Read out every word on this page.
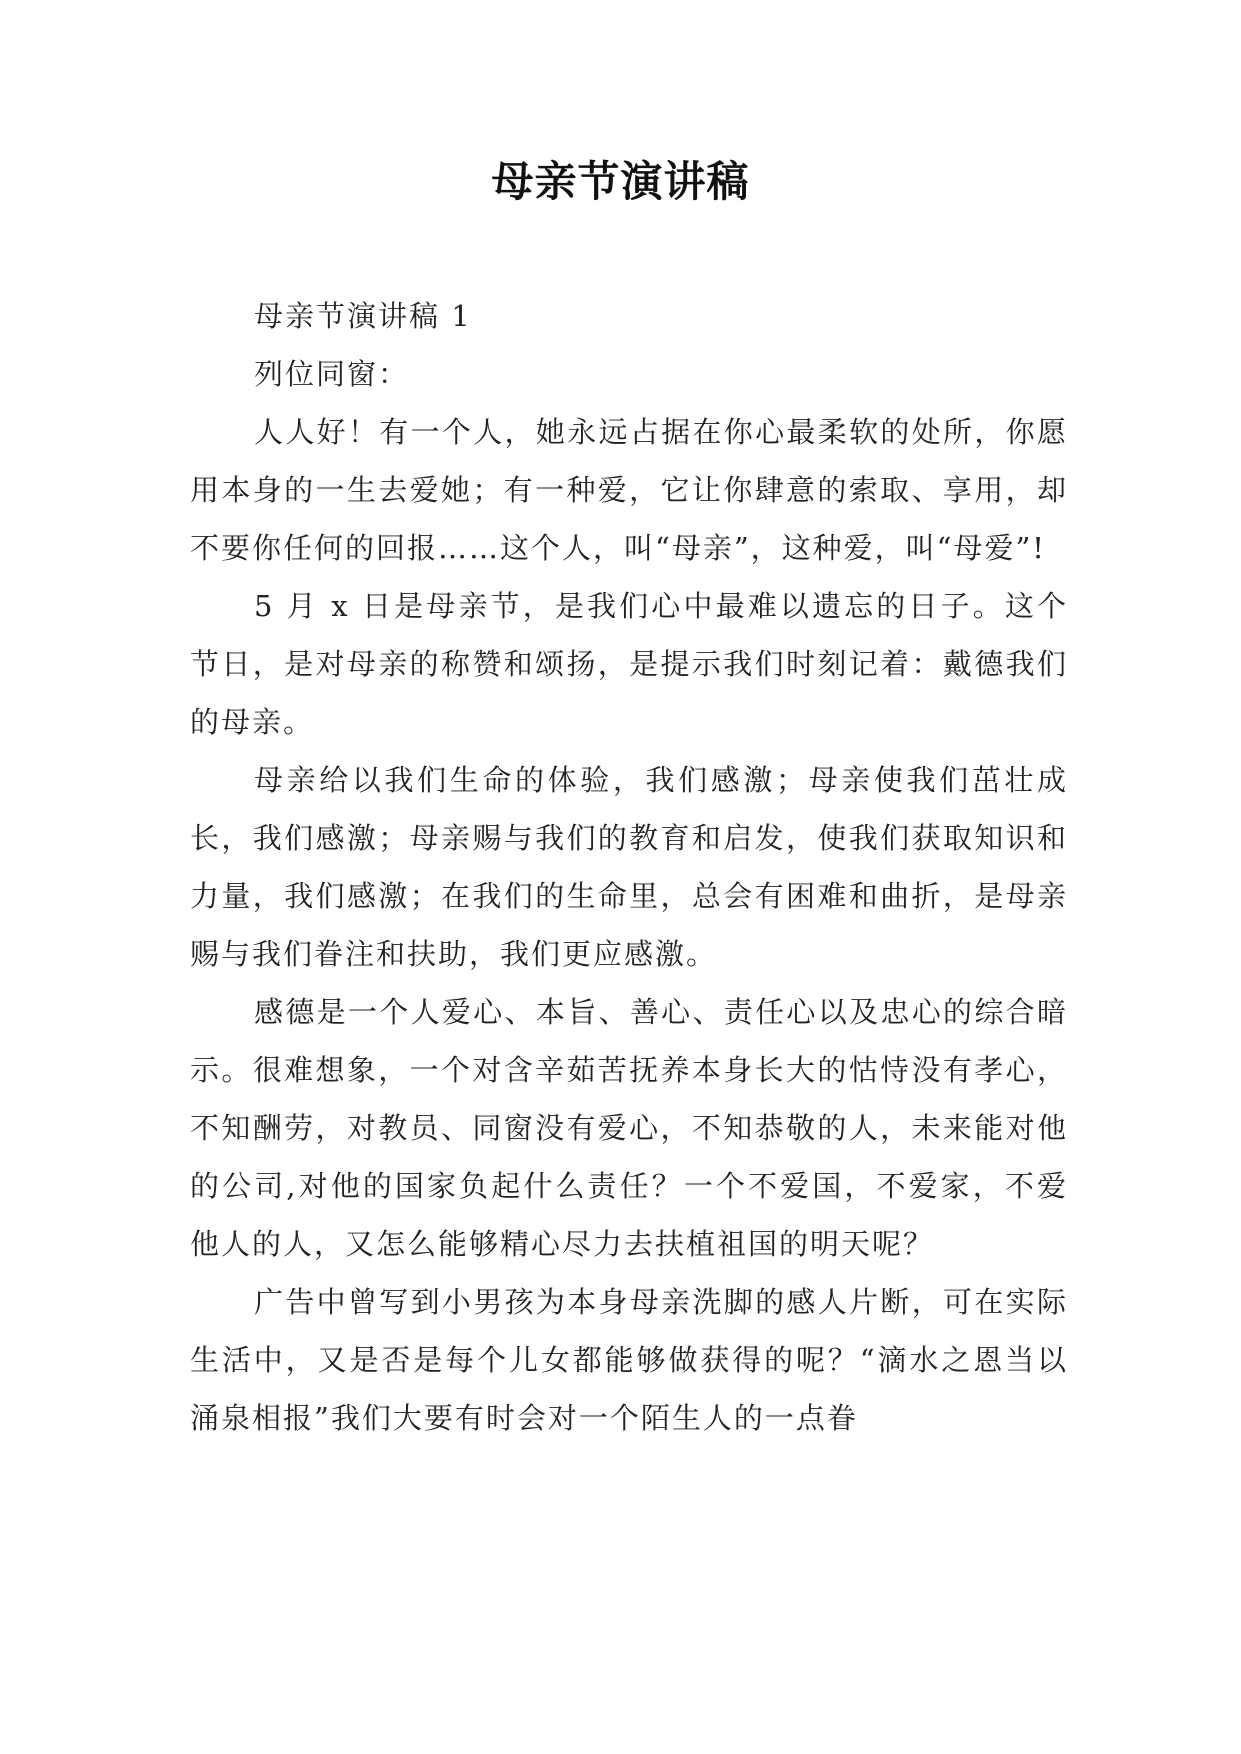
母亲节演讲稿

母亲节演讲稿 1

列位同窗：

人人好！有一个人，她永远占据在你心最柔软的处所，你愿用本身的一生去爱她；有一种爱，它让你肆意的索取、享用，却不要你任何的回报……这个人，叫“母亲”，这种爱，叫“母爱”!

5 月 x 日是母亲节，是我们心中最难以遗忘的日子。这个节日，是对母亲的称赞和颂扬，是提示我们时刻记着：戴德我们的母亲。

母亲给以我们生命的体验，我们感激；母亲使我们茁壮成长，我们感激；母亲赐与我们的教育和启发，使我们获取知识和力量，我们感激；在我们的生命里，总会有困难和曲折，是母亲赐与我们眷注和扶助，我们更应感激。

感德是一个人爱心、本旨、善心、责任心以及忠心的综合暗示。很难想象，一个对含辛茹苦抚养本身长大的怙恃没有孝心，不知酬劳，对教员、同窗没有爱心，不知恭敬的人，未来能对他的公司,对他的国家负起什么责任？一个不爱国，不爱家，不爱他人的人，又怎么能够精心尽力去扶植祖国的明天呢？

广告中曾写到小男孩为本身母亲洗脚的感人片断，可在实际生活中，又是否是每个儿女都能够做获得的呢？“滴水之恩当以涌泉相报”我们大要有时会对一个陌生人的一点眷
